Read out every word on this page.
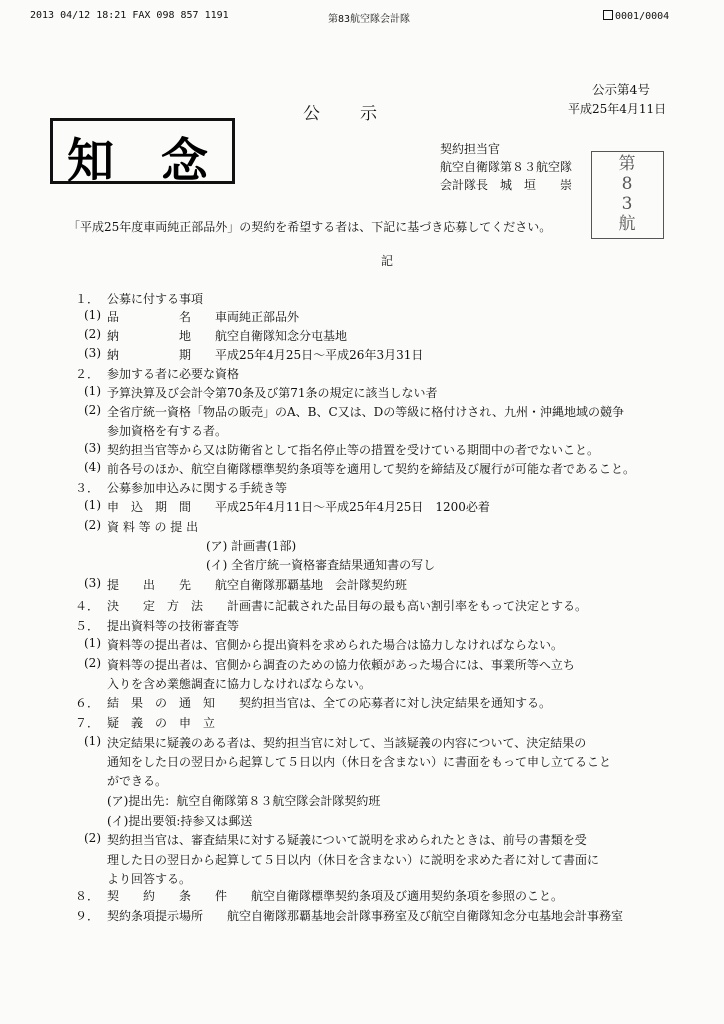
2013 04/12 18:21 FAX 098 857 1191	第83航空隊会計隊	0001/0004
公示第4号
公　　示	平成25年4月11日
知 念	第
8
3
航
契約担当官
航空自衛隊第８３航空隊
会計隊長　城　垣　　崇
「平成25年度車両純正部品外」の契約を希望する者は、下記に基づき応募してください。
記
１． 公募に付する事項
(1) 品　　　　　名　　車両純正部品外
(2) 納　　　　　地　　航空自衛隊知念分屯基地
(3) 納　　　　　期　　平成25年4月25日～平成26年3月31日
２． 参加する者に必要な資格
(1) 予算決算及び会計令第70条及び第71条の規定に該当しない者
(2) 全省庁統一資格「物品の販売」のA、B、C又は、Dの等級に格付けされ、九州・沖縄地域の競争
参加資格を有する者。
(3) 契約担当官等から又は防衛省として指名停止等の措置を受けている期間中の者でないこと。
(4) 前各号のほか、航空自衛隊標準契約条項等を適用して契約を締結及び履行が可能な者であること。
３． 公募参加申込みに関する手続き等
(1) 申　込　期　間　　平成25年4月11日～平成25年4月25日　1200必着
(2) 資 料 等 の 提 出
(ア) 計画書(1部)
(イ) 全省庁統一資格審査結果通知書の写し
(3) 提　　出　　先　　航空自衛隊那覇基地　会計隊契約班
４． 決　　定　方　法　　計画書に記載された品目毎の最も高い割引率をもって決定とする。
５． 提出資料等の技術審査等
(1) 資料等の提出者は、官側から提出資料を求められた場合は協力しなければならない。
(2) 資料等の提出者は、官側から調査のための協力依頼があった場合には、事業所等へ立ち
入りを含め業態調査に協力しなければならない。
６． 結　果　の　通　知　　契約担当官は、全ての応募者に対し決定結果を通知する。
７． 疑　義　の　申　立
(1) 決定結果に疑義のある者は、契約担当官に対して、当該疑義の内容について、決定結果の
通知をした日の翌日から起算して５日以内（休日を含まない）に書面をもって申し立てること
ができる。
(ア)提出先：航空自衛隊第８３航空隊会計隊契約班
(イ)提出要領:持参又は郵送
(2) 契約担当官は、審査結果に対する疑義について説明を求められたときは、前号の書類を受
理した日の翌日から起算して５日以内（休日を含まない）に説明を求めた者に対して書面に
より回答する。
８． 契　　約　　条　　件　　航空自衛隊標準契約条項及び適用契約条項を参照のこと。
９． 契約条項提示場所　　航空自衛隊那覇基地会計隊事務室及び航空自衛隊知念分屯基地会計事務室
